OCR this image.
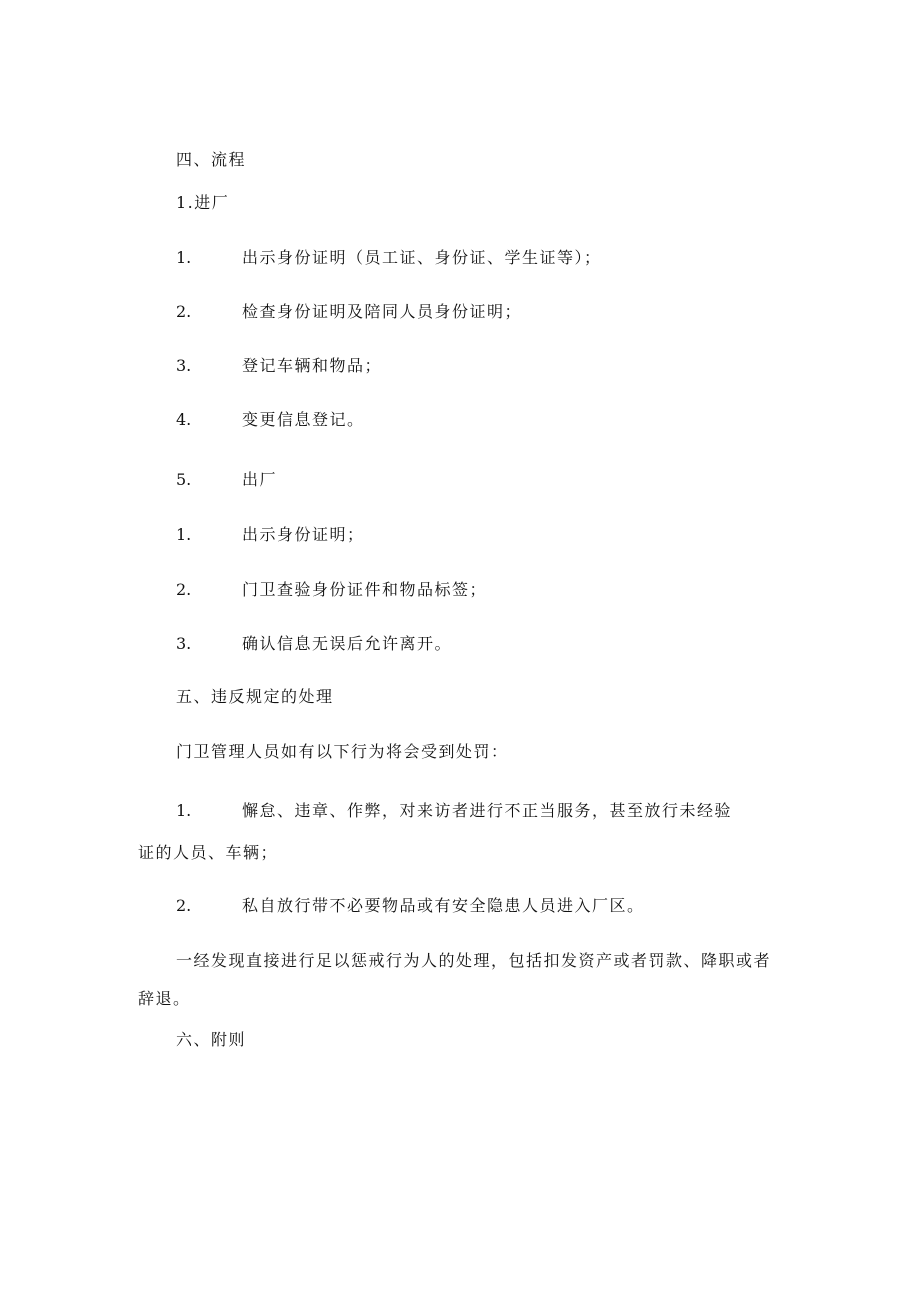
四、流程
1.进厂
1.	出示身份证明（员工证、身份证、学生证等）；
2.	检查身份证明及陪同人员身份证明；
3.	登记车辆和物品；
4.	变更信息登记。
5.	出厂
1.	出示身份证明；
2.	门卫查验身份证件和物品标签；
3.	确认信息无误后允许离开。
五、违反规定的处理
门卫管理人员如有以下行为将会受到处罚：
1.	懈怠、违章、作弊，对来访者进行不正当服务，甚至放行未经验
证的人员、车辆；
2.	私自放行带不必要物品或有安全隐患人员进入厂区。
一经发现直接进行足以惩戒行为人的处理，包括扣发资产或者罚款、降职或者辞退。
六、附则
